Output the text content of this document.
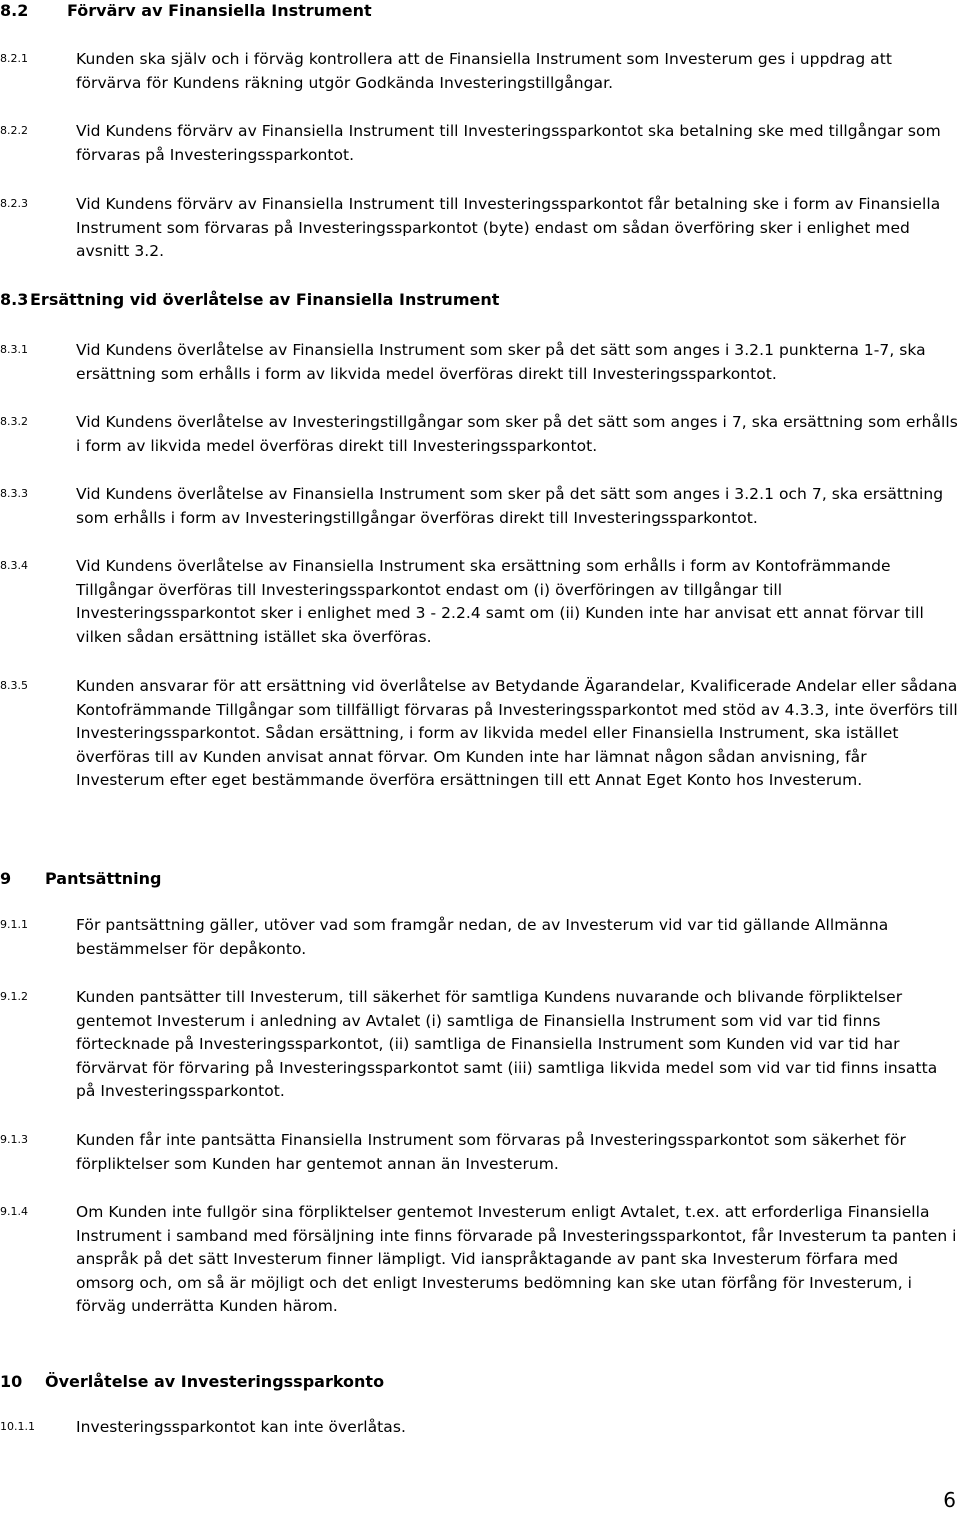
8.2 Förvärv av Finansiella Instrument
8.2.1	Kunden ska själv och i förväg kontrollera att de Finansiella Instrument som Investerum ges i uppdrag att förvärva för Kundens räkning utgör Godkända Investeringstillgångar.
8.2.2	Vid Kundens förvärv av Finansiella Instrument till Investeringssparkontot ska betalning ske med tillgångar som förvaras på Investeringssparkontot.
8.2.3	Vid Kundens förvärv av Finansiella Instrument till Investeringssparkontot får betalning ske i form av Finansiella Instrument som förvaras på Investeringssparkontot (byte) endast om sådan överföring sker i enlighet med avsnitt 3.2.
8.3 Ersättning vid överlåtelse av Finansiella Instrument
8.3.1	Vid Kundens överlåtelse av Finansiella Instrument som sker på det sätt som anges i 3.2.1 punkterna 1-7, ska ersättning som erhålls i form av likvida medel överföras direkt till Investeringssparkontot.
8.3.2	Vid Kundens överlåtelse av Investeringstillgångar som sker på det sätt som anges i 7, ska ersättning som erhålls i form av likvida medel överföras direkt till Investeringssparkontot.
8.3.3	Vid Kundens överlåtelse av Finansiella Instrument som sker på det sätt som anges i 3.2.1 och 7, ska ersättning som erhålls i form av Investeringstillgångar överföras direkt till Investeringssparkontot.
8.3.4	Vid Kundens överlåtelse av Finansiella Instrument ska ersättning som erhålls i form av Kontofrämmande Tillgångar överföras till Investeringssparkontot endast om (i) överföringen av tillgångar till Investeringssparkontot sker i enlighet med 3 - 2.2.4 samt om (ii) Kunden inte har anvisat ett annat förvar till vilken sådan ersättning istället ska överföras.
8.3.5	Kunden ansvarar för att ersättning vid överlåtelse av Betydande Ägarandelar, Kvalificerade Andelar eller sådana Kontofrämmande Tillgångar som tillfälligt förvaras på Investeringssparkontot med stöd av 4.3.3, inte överförs till Investeringssparkontot. Sådan ersättning, i form av likvida medel eller Finansiella Instrument, ska istället överföras till av Kunden anvisat annat förvar. Om Kunden inte har lämnat någon sådan anvisning, får Investerum efter eget bestämmande överföra ersättningen till ett Annat Eget Konto hos Investerum.
9 Pantsättning
9.1.1	För pantsättning gäller, utöver vad som framgår nedan, de av Investerum vid var tid gällande Allmänna bestämmelser för depåkonto.
9.1.2	Kunden pantsätter till Investerum, till säkerhet för samtliga Kundens nuvarande och blivande förpliktelser gentemot Investerum i anledning av Avtalet (i) samtliga de Finansiella Instrument som vid var tid finns förtecknade på Investeringssparkontot, (ii) samtliga de Finansiella Instrument som Kunden vid var tid har förvärvat för förvaring på Investeringssparkontot samt (iii) samtliga likvida medel som vid var tid finns insatta på Investeringssparkontot.
9.1.3	Kunden får inte pantsätta Finansiella Instrument som förvaras på Investeringssparkontot som säkerhet för förpliktelser som Kunden har gentemot annan än Investerum.
9.1.4	Om Kunden inte fullgör sina förpliktelser gentemot Investerum enligt Avtalet, t.ex. att erforderliga Finansiella Instrument i samband med försäljning inte finns förvarade på Investeringssparkontot, får Investerum ta panten i anspråk på det sätt Investerum finner lämpligt. Vid ianspråktagande av pant ska Investerum förfara med omsorg och, om så är möjligt och det enligt Investerums bedömning kan ske utan förfång för Investerum, i förväg underrätta Kunden härom.
10 Överlåtelse av Investeringssparkonto
10.1.1	Investeringssparkontot kan inte överlåtas.
6
